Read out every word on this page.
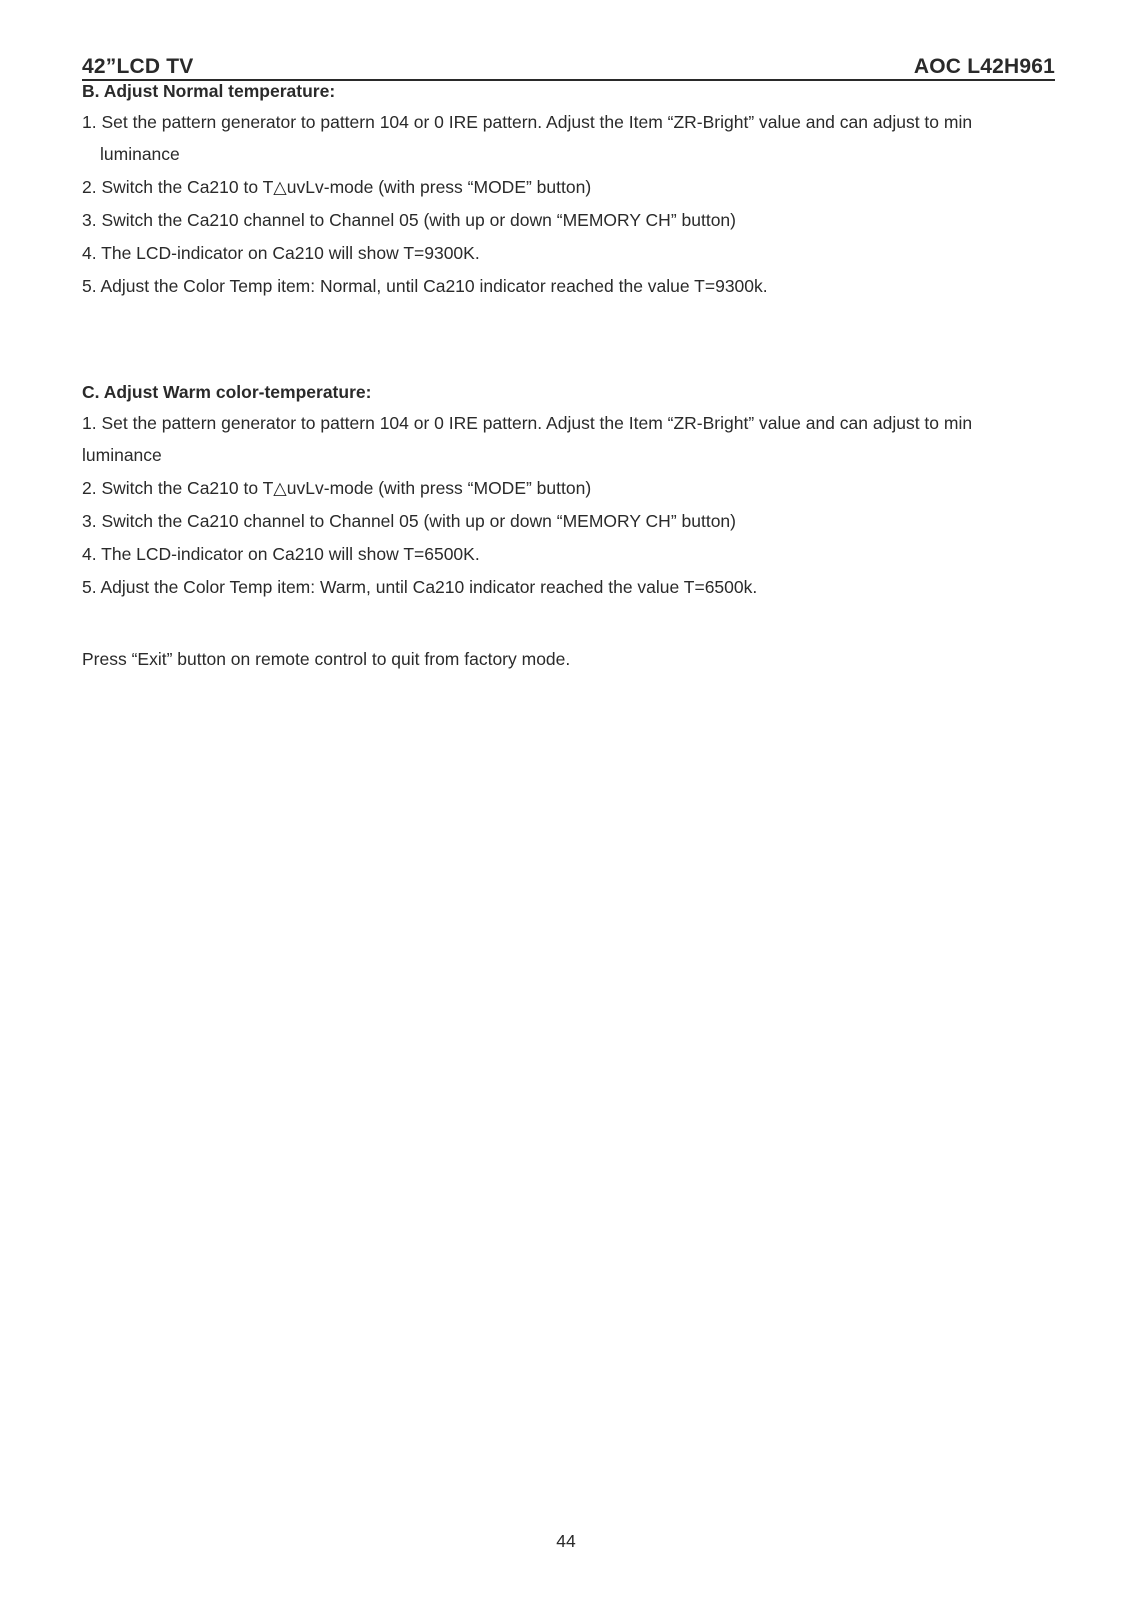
42”LCD TV	AOC L42H961
B. Adjust Normal temperature:
1. Set the pattern generator to pattern 104 or 0 IRE pattern. Adjust the Item “ZR-Bright” value and can adjust to min
luminance
2. Switch the Ca210 to T△uvLv-mode (with press “MODE” button)
3. Switch the Ca210 channel to Channel 05 (with up or down “MEMORY CH” button)
4. The LCD-indicator on Ca210 will show T=9300K.
5. Adjust the Color Temp item: Normal, until Ca210 indicator reached the value T=9300k.
C. Adjust Warm color-temperature:
1. Set the pattern generator to pattern 104 or 0 IRE pattern. Adjust the Item “ZR-Bright” value and can adjust to min
luminance
2. Switch the Ca210 to T△uvLv-mode (with press “MODE” button)
3. Switch the Ca210 channel to Channel 05 (with up or down “MEMORY CH” button)
4. The LCD-indicator on Ca210 will show T=6500K.
5. Adjust the Color Temp item: Warm, until Ca210 indicator reached the value T=6500k.
Press “Exit” button on remote control to quit from factory mode.
44
